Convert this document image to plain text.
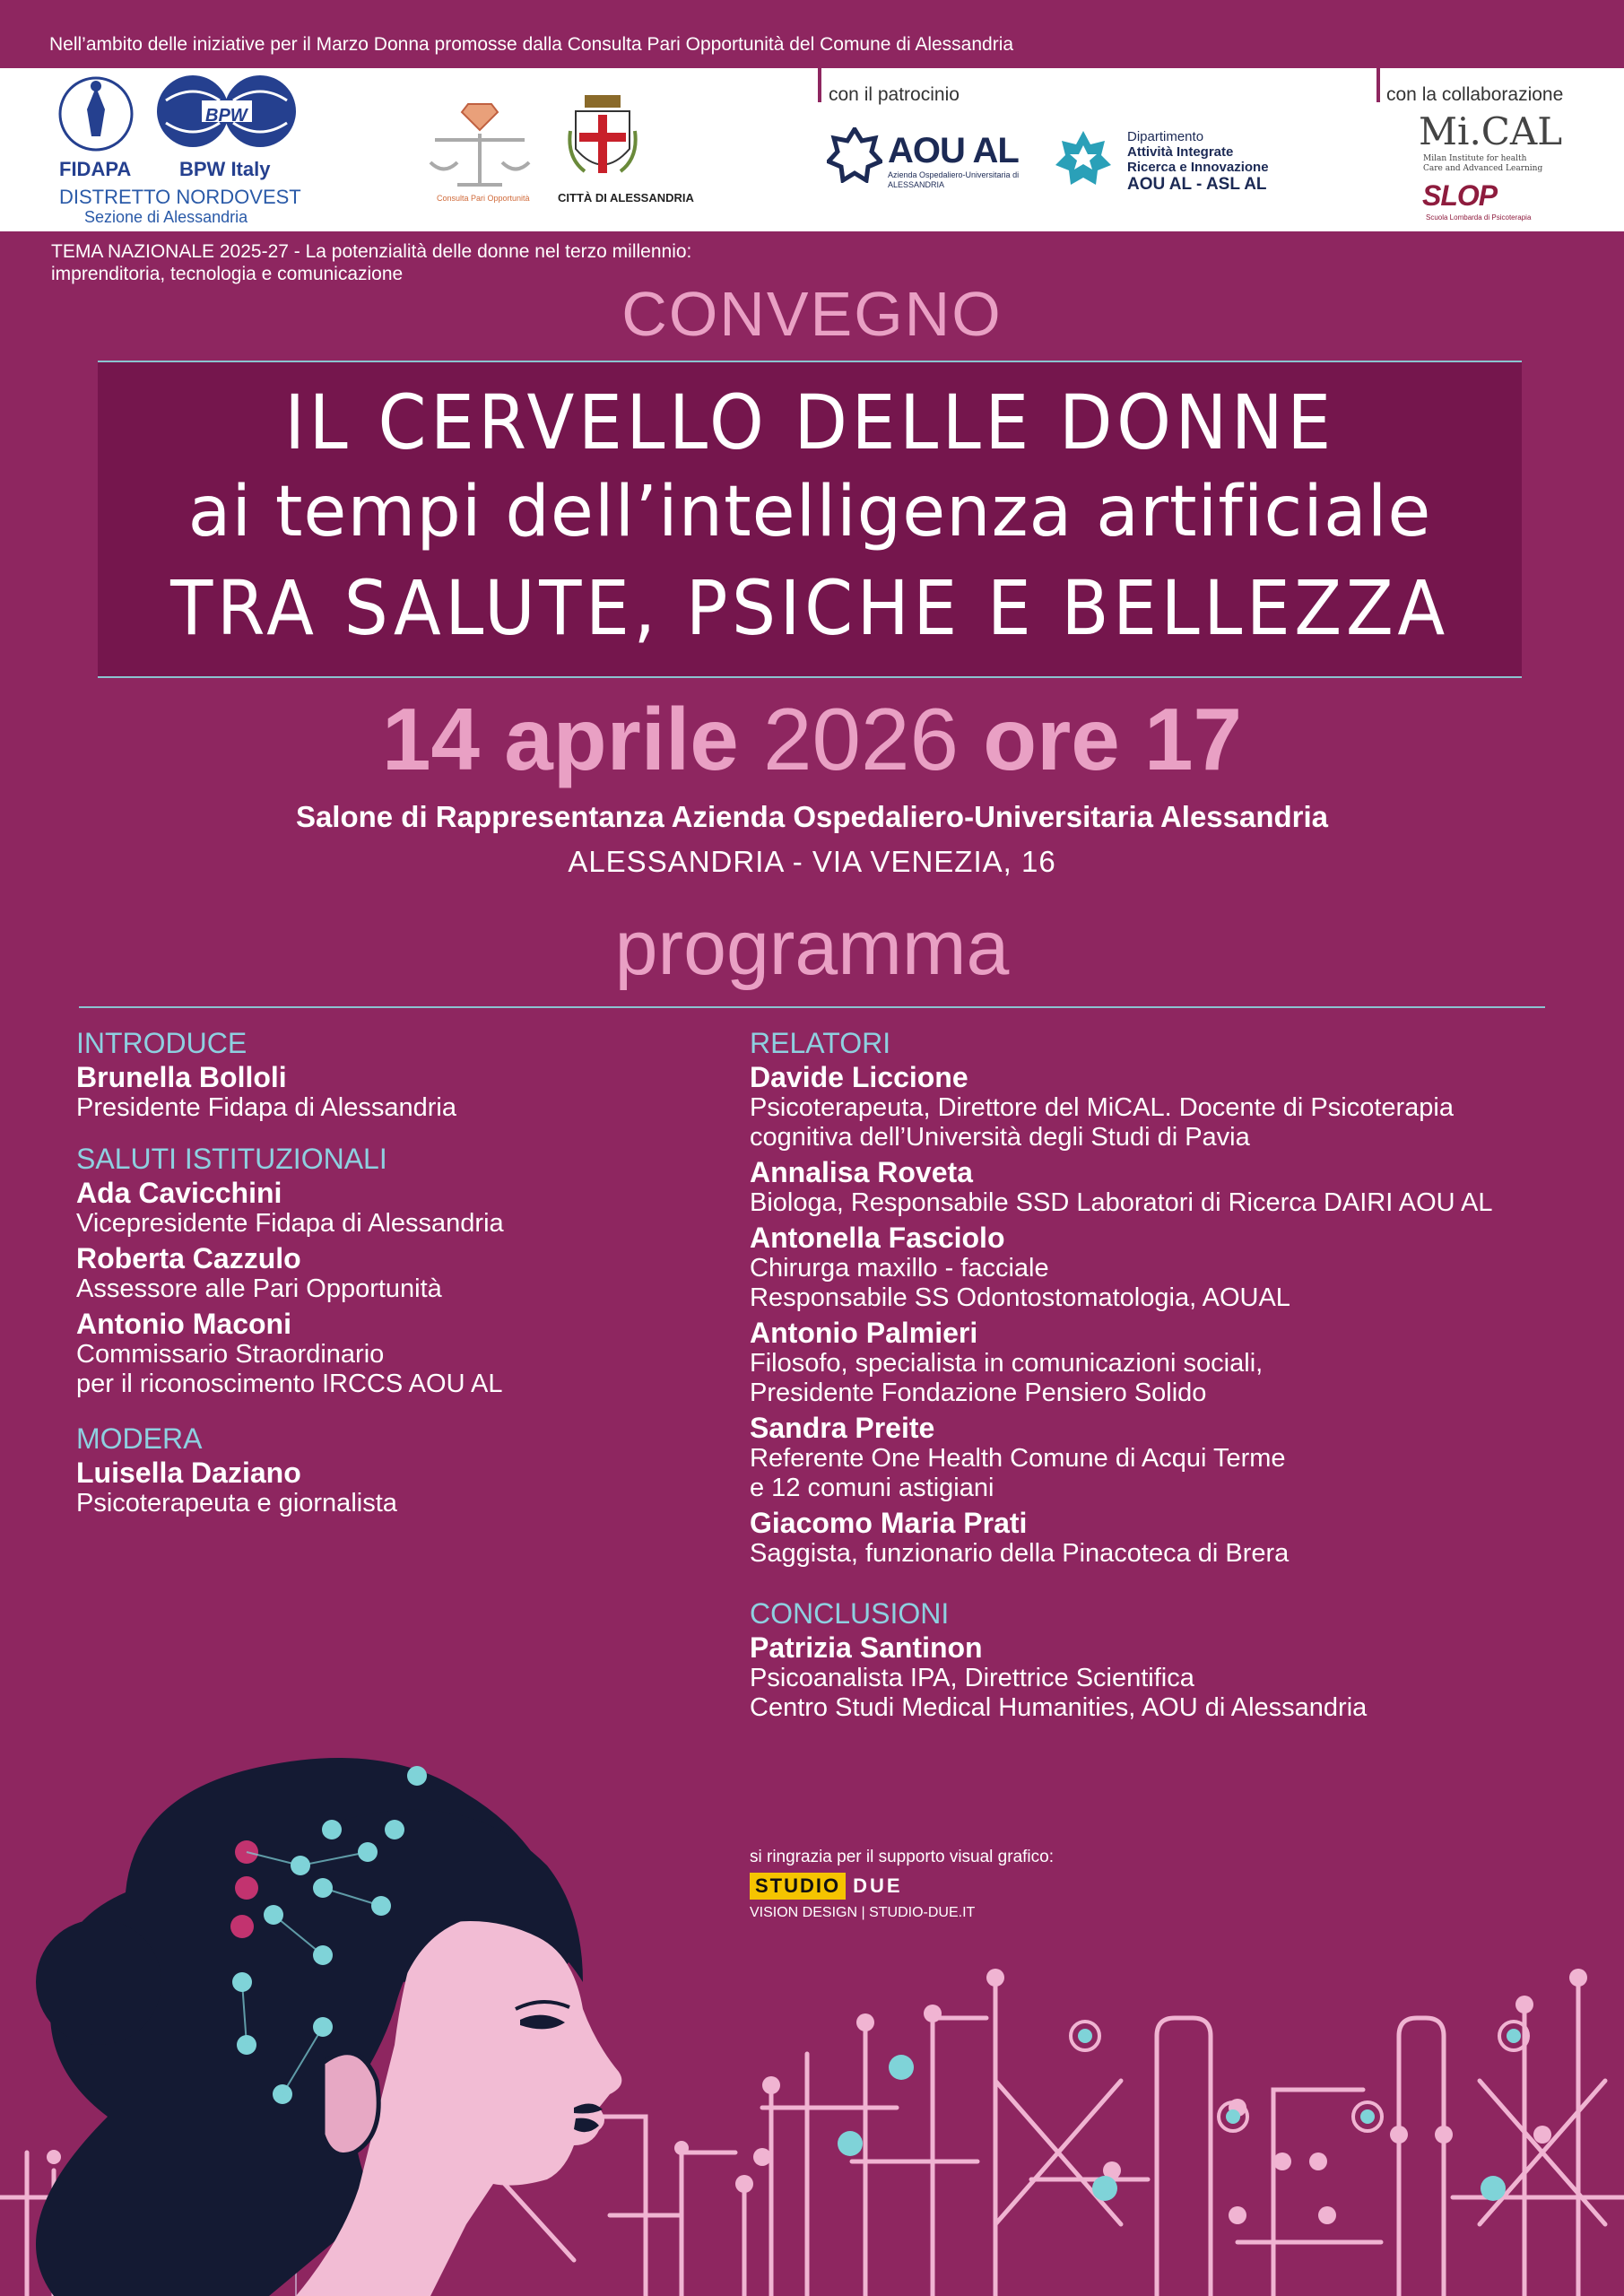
Nell’ambito delle iniziative per il Marzo Donna promosse dalla Consulta Pari Opportunità del Comune di Alessandria
BPW
FIDAPA BPW Italy
DISTRETTO NORDOVEST
Sezione di Alessandria
Consulta Pari Opportunità CITTÀ DI ALESSANDRIA
con il patrocinio
AOU AL
Azienda Ospedaliero-Universitaria di ALESSANDRIA
Dipartimento
Attività Integrate
Ricerca e Innovazione
AOU AL - ASL AL
con la collaborazione
Mi.CAL
Milan Institute for health
Care and Advanced Learning
SLOP
Scuola Lombarda di Psicoterapia
TEMA NAZIONALE 2025-27 - La potenzialità delle donne nel terzo millennio:
imprenditoria, tecnologia e comunicazione
CONVEGNO
IL CERVELLO DELLE DONNE
ai tempi dell’intelligenza artificiale
TRA SALUTE, PSICHE E BELLEZZA
14 aprile 2026 ore 17
Salone di Rappresentanza Azienda Ospedaliero-Universitaria Alessandria
ALESSANDRIA - VIA VENEZIA, 16
programma

INTRODUCE

Brunella Bolloli

Presidente Fidapa di Alessandria

SALUTI ISTITUZIONALI

Ada Cavicchini

Vicepresidente Fidapa di Alessandria

Roberta Cazzulo

Assessore alle Pari Opportunità

Antonio Maconi

Commissario Straordinario

per il riconoscimento IRCCS AOU AL

MODERA

Luisella Daziano

Psicoterapeuta e giornalista

RELATORI

Davide Liccione

Psicoterapeuta, Direttore del MiCAL. Docente di Psicoterapia

cognitiva dell’Università degli Studi di Pavia

Annalisa Roveta

Biologa, Responsabile SSD Laboratori di Ricerca DAIRI AOU AL

Antonella Fasciolo

Chirurga maxillo - facciale

Responsabile SS Odontostomatologia, AOUAL

Antonio Palmieri

Filosofo, specialista in comunicazioni sociali,

Presidente Fondazione Pensiero Solido

Sandra Preite

Referente One Health Comune di Acqui Terme

e 12 comuni astigiani

Giacomo Maria Prati

Saggista, funzionario della Pinacoteca di Brera

CONCLUSIONI

Patrizia Santinon

Psicoanalista IPA, Direttrice Scientifica

Centro Studi Medical Humanities, AOU di Alessandria

si ringrazia per il supporto visual grafico:
STUDIO DUE
VISION DESIGN | STUDIO-DUE.IT
